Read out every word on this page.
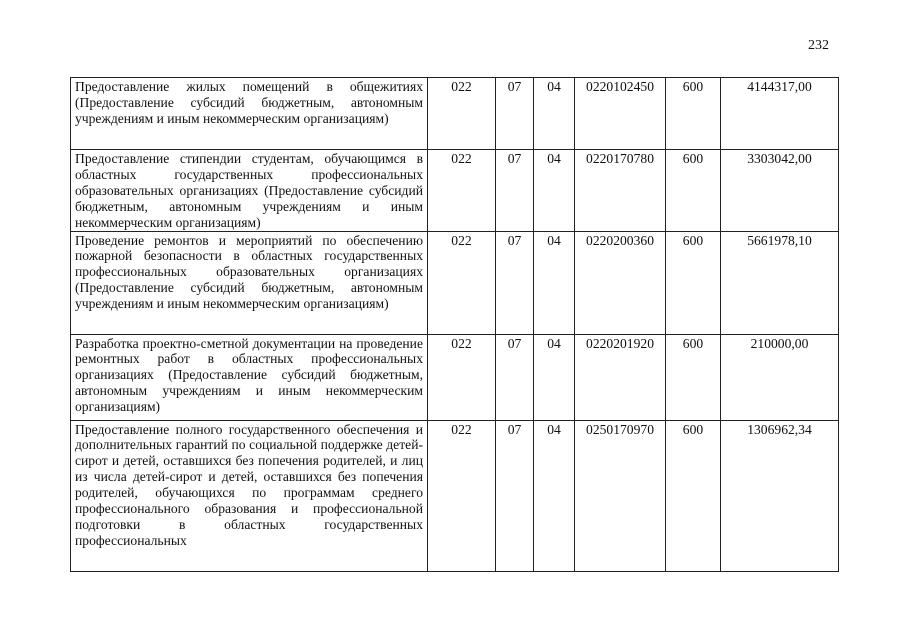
232
Предоставление жилых помещений в общежитиях (Предоставление субсидий бюджетным, автономным учреждениям и иным некоммерческим организациям)	022	07	04	0220102450	600	4144317,00
Предоставление стипендии студентам, обучающимся в областных государственных профессиональных образовательных организациях (Предоставление субсидий бюджетным, автономным учреждениям и иным некоммерческим организациям)	022	07	04	0220170780	600	3303042,00
Проведение ремонтов и мероприятий по обеспечению пожарной безопасности в областных государственных профессиональных образовательных организациях (Предоставление субсидий бюджетным, автономным учреждениям и иным некоммерческим организациям)	022	07	04	0220200360	600	5661978,10
Разработка проектно-сметной документации на проведение ремонтных работ в областных профессиональных организациях (Предоставление субсидий бюджетным, автономным учреждениям и иным некоммерческим организациям)	022	07	04	0220201920	600	210000,00

Предоставление полного государственного обеспечения и дополнительных гарантий по социальной поддержке детей-сирот и детей, оставшихся без попечения родителей, и лиц из числа детей-сирот и детей, оставшихся без попечения родителей, обучающихся по программам среднего профессионального образования и профессиональной подготовки в областных государственных профессиональных	022	07	04	0250170970	600	1306962,34
